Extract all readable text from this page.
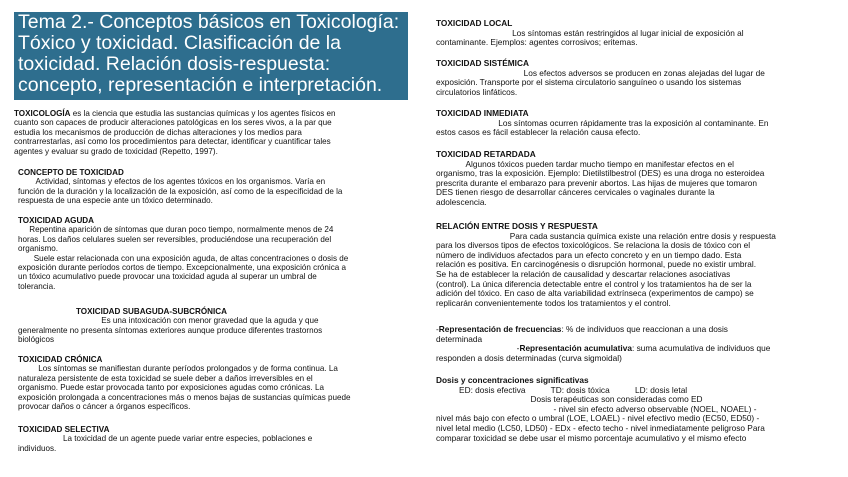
Tema 2.- Conceptos básicos en Toxicología:
Tóxico y toxicidad. Clasificación de la
toxicidad. Relación dosis-respuesta:
concepto, representación e interpretación.
TOXICOLOGÍA es la ciencia que estudia las sustancias químicas y los agentes físicos en
cuanto son capaces de producir alteraciones patológicas en los seres vivos, a la par que
estudia los mecanismos de producción de dichas alteraciones y los medios para
contrarrestarlas, así como los procedimientos para detectar, identificar y cuantificar tales
agentes y evaluar su grado de toxicidad (Repetto, 1997).
CONCEPTO DE TOXICIDAD
Actividad, síntomas y efectos de los agentes tóxicos en los organismos. Varía en
función de la duración y la localización de la exposición, así como de la especificidad de la
respuesta de una especie ante un tóxico determinado.
TOXICIDAD AGUDA
Repentina aparición de síntomas que duran poco tiempo, normalmente menos de 24
horas. Los daños celulares suelen ser reversibles, produciéndose una recuperación del
organismo.
Suele estar relacionada con una exposición aguda, de altas concentraciones o dosis de
exposición durante períodos cortos de tiempo. Excepcionalmente, una exposición crónica a
un tóxico acumulativo puede provocar una toxicidad aguda al superar un umbral de
tolerancia.
TOXICIDAD SUBAGUDA-SUBCRÓNICA
Es una intoxicación con menor gravedad que la aguda y que
generalmente no presenta síntomas exteriores aunque produce diferentes trastornos
biológicos
TOXICIDAD CRÓNICA
Los síntomas se manifiestan durante períodos prolongados y de forma continua. La
naturaleza persistente de esta toxicidad se suele deber a daños irreversibles en el
organismo. Puede estar provocada tanto por exposiciones agudas como crónicas. La
exposición prolongada a concentraciones más o menos bajas de sustancias químicas puede
provocar daños o cáncer a órganos específicos.
TOXICIDAD SELECTIVA
La toxicidad de un agente puede variar entre especies, poblaciones e
individuos.
TOXICIDAD LOCAL
Los síntomas están restringidos al lugar inicial de exposición al
contaminante. Ejemplos: agentes corrosivos; eritemas.
TOXICIDAD SISTÉMICA
Los efectos adversos se producen en zonas alejadas del lugar de
exposición. Transporte por el sistema circulatorio sanguíneo o usando los sistemas
circulatorios linfáticos.
TOXICIDAD INMEDIATA
Los síntomas ocurren rápidamente tras la exposición al contaminante. En
estos casos es fácil establecer la relación causa efecto.
TOXICIDAD RETARDADA
Algunos tóxicos pueden tardar mucho tiempo en manifestar efectos en el
organismo, tras la exposición. Ejemplo: Dietilstilbestrol (DES) es una droga no esteroidea
prescrita durante el embarazo para prevenir abortos. Las hijas de mujeres que tomaron
DES tienen riesgo de desarrollar cánceres cervicales o vaginales durante la
adolescencia.
RELACIÓN ENTRE DOSIS Y RESPUESTA
Para cada sustancia química existe una relación entre dosis y respuesta
para los diversos tipos de efectos toxicológicos. Se relaciona la dosis de tóxico con el
número de individuos afectados para un efecto concreto y en un tiempo dado. Esta
relación es positiva. En carcinogénesis o disrupción hormonal, puede no existir umbral.
Se ha de establecer la relación de causalidad y descartar relaciones asociativas
(control). La única diferencia detectable entre el control y los tratamientos ha de ser la
adición del tóxico. En caso de alta variabilidad extrínseca (experimentos de campo) se
replicarán convenientemente todos los tratamientos y el control.
-Representación de frecuencias: % de individuos que reaccionan a una dosis
determinada
-Representación acumulativa: suma acumulativa de individuos que
responden a dosis determinadas (curva sigmoidal)
Dosis y concentraciones significativas
ED: dosis efectiva           TD: dosis tóxica           LD: dosis letal
Dosis terapéuticas son consideradas como ED
- nivel sin efecto adverso observable (NOEL, NOAEL) -
nivel más bajo con efecto o umbral (LOE, LOAEL) - nivel efectivo medio (EC50, ED50) -
nivel letal medio (LC50, LD50) - EDx - efecto techo - nivel inmediatamente peligroso Para
comparar toxicidad se debe usar el mismo porcentaje acumulativo y el mismo efecto
